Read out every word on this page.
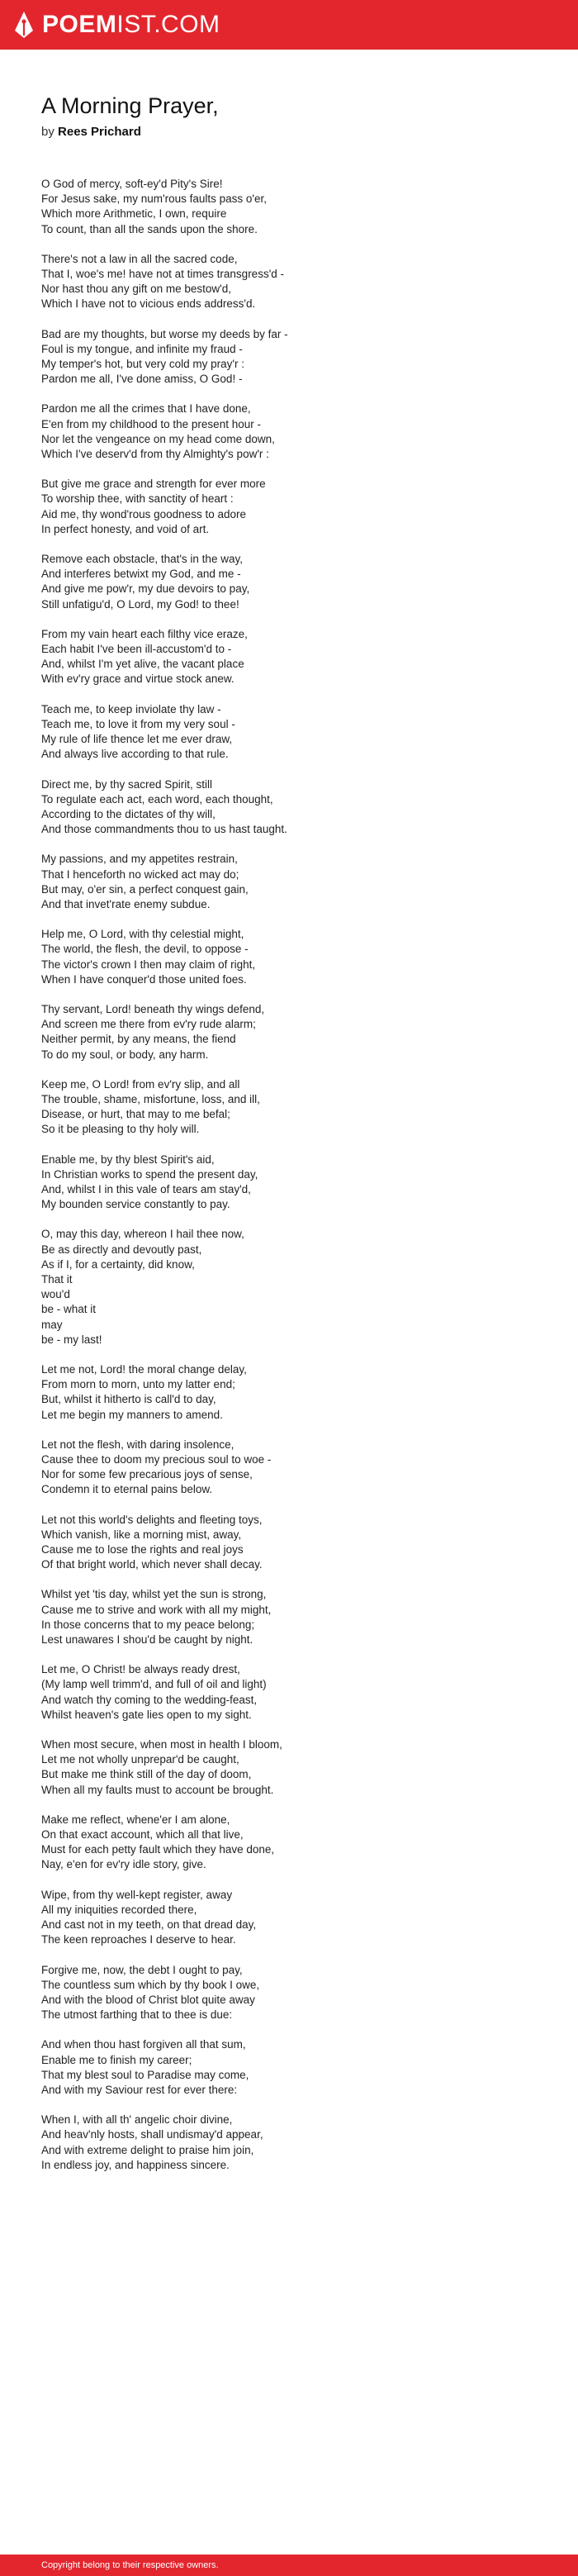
POEMIST.COM
A Morning Prayer,
by Rees Prichard

O God of mercy, soft-ey'd Pity's Sire!
For Jesus sake, my num'rous faults pass o'er,
Which more Arithmetic, I own, require
To count, than all the sands upon the shore.

There's not a law in all the sacred code,
That I, woe's me! have not at times transgress'd -
Nor hast thou any gift on me bestow'd,
Which I have not to vicious ends address'd.

Bad are my thoughts, but worse my deeds by far -
Foul is my tongue, and infinite my fraud -
My temper's hot, but very cold my pray'r :
Pardon me all, I've done amiss, O God! -

Pardon me all the crimes that I have done,
E'en from my childhood to the present hour -
Nor let the vengeance on my head come down,
Which I've deserv'd from thy Almighty's pow'r :

But give me grace and strength for ever more
To worship thee, with sanctity of heart :
Aid me, thy wond'rous goodness to adore
In perfect honesty, and void of art.

Remove each obstacle, that's in the way,
And interferes betwixt my God, and me -
And give me pow'r, my due devoirs to pay,
Still unfatigu'd, O Lord, my God! to thee!

From my vain heart each filthy vice eraze,
Each habit I've been ill-accustom'd to -
And, whilst I'm yet alive, the vacant place
With ev'ry grace and virtue stock anew.

Teach me, to keep inviolate thy law -
Teach me, to love it from my very soul -
My rule of life thence let me ever draw,
And always live according to that rule.

Direct me, by thy sacred Spirit, still
To regulate each act, each word, each thought,
According to the dictates of thy will,
And those commandments thou to us hast taught.

My passions, and my appetites restrain,
That I henceforth no wicked act may do;
But may, o'er sin, a perfect conquest gain,
And that invet'rate enemy subdue.

Help me, O Lord, with thy celestial might,
The world, the flesh, the devil, to oppose -
The victor's crown I then may claim of right,
When I have conquer'd those united foes.

Thy servant, Lord! beneath thy wings defend,
And screen me there from ev'ry rude alarm;
Neither permit, by any means, the fiend
To do my soul, or body, any harm.

Keep me, O Lord! from ev'ry slip, and all
The trouble, shame, misfortune, loss, and ill,
Disease, or hurt, that may to me befal;
So it be pleasing to thy holy will.

Enable me, by thy blest Spirit's aid,
In Christian works to spend the present day,
And, whilst I in this vale of tears am stay'd,
My bounden service constantly to pay.

O, may this day, whereon I hail thee now,
Be as directly and devoutly past,
As if I, for a certainty, did know,
That it
wou'd
be - what it
may
be - my last!

Let me not, Lord! the moral change delay,
From morn to morn, unto my latter end;
But, whilst it hitherto is call'd to day,
Let me begin my manners to amend.

Let not the flesh, with daring insolence,
Cause thee to doom my precious soul to woe -
Nor for some few precarious joys of sense,
Condemn it to eternal pains below.

Let not this world's delights and fleeting toys,
Which vanish, like a morning mist, away,
Cause me to lose the rights and real joys
Of that bright world, which never shall decay.

Whilst yet 'tis day, whilst yet the sun is strong,
Cause me to strive and work with all my might,
In those concerns that to my peace belong;
Lest unawares I shou'd be caught by night.

Let me, O Christ! be always ready drest,
(My lamp well trimm'd, and full of oil and light)
And watch thy coming to the wedding-feast,
Whilst heaven's gate lies open to my sight.

When most secure, when most in health I bloom,
Let me not wholly unprepar'd be caught,
But make me think still of the day of doom,
When all my faults must to account be brought.

Make me reflect, whene'er I am alone,
On that exact account, which all that live,
Must for each petty fault which they have done,
Nay, e'en for ev'ry idle story, give.

Wipe, from thy well-kept register, away
All my iniquities recorded there,
And cast not in my teeth, on that dread day,
The keen reproaches I deserve to hear.

Forgive me, now, the debt I ought to pay,
The countless sum which by thy book I owe,
And with the blood of Christ blot quite away
The utmost farthing that to thee is due:

And when thou hast forgiven all that sum,
Enable me to finish my career;
That my blest soul to Paradise may come,
And with my Saviour rest for ever there:

When I, with all th' angelic choir divine,
And heav'nly hosts, shall undismay'd appear,
And with extreme delight to praise him join,
In endless joy, and happiness sincere.

Copyright belong to their respective owners.
